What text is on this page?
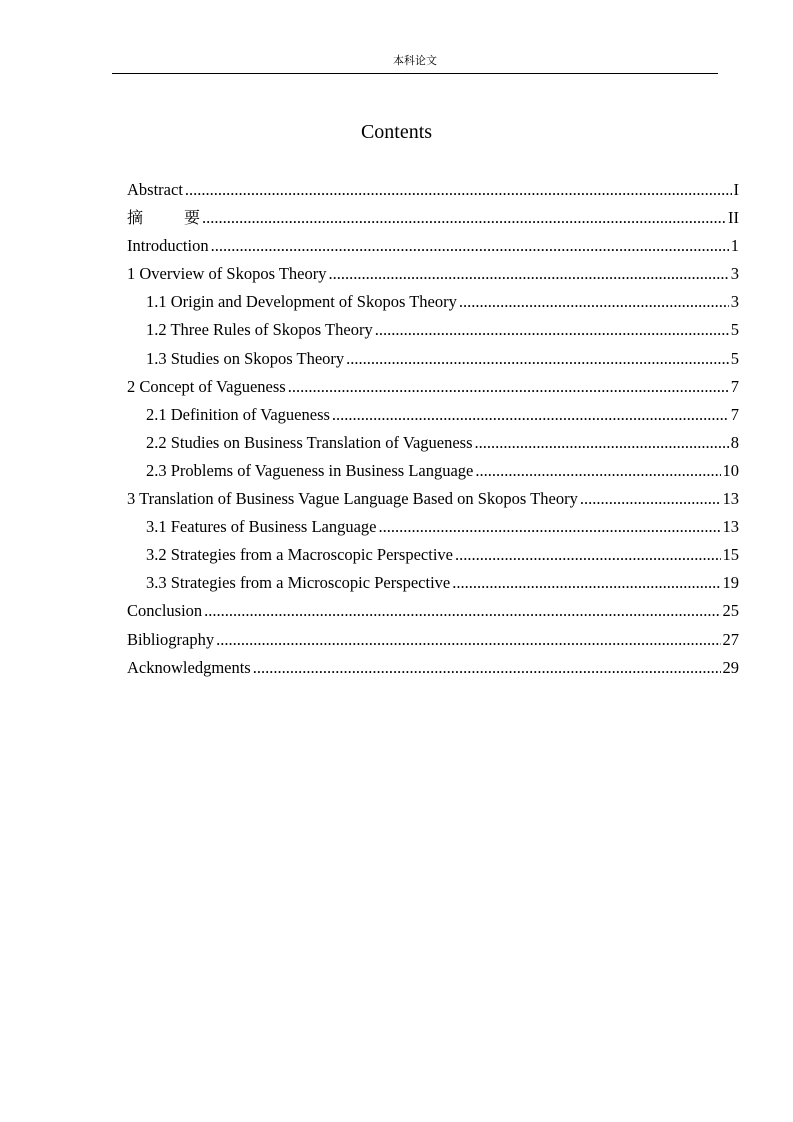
本科论文
Contents
Abstract .....	I
摘	要 .....	II
Introduction .....	1
1 Overview of Skopos Theory .....	3
1.1 Origin and Development of Skopos Theory .....	3
1.2 Three Rules of Skopos Theory .....	5
1.3 Studies on Skopos Theory .....	5
2 Concept of Vagueness .....	7
2.1 Definition of Vagueness .....	7
2.2 Studies on Business Translation of Vagueness .....	8
2.3 Problems of Vagueness in Business Language .....	10
3 Translation of Business Vague Language Based on Skopos Theory .....	13
3.1 Features of Business Language .....	13
3.2 Strategies from a Macroscopic Perspective .....	15
3.3 Strategies from a Microscopic Perspective .....	19
Conclusion .....	25
Bibliography .....	27
Acknowledgments .....	29
